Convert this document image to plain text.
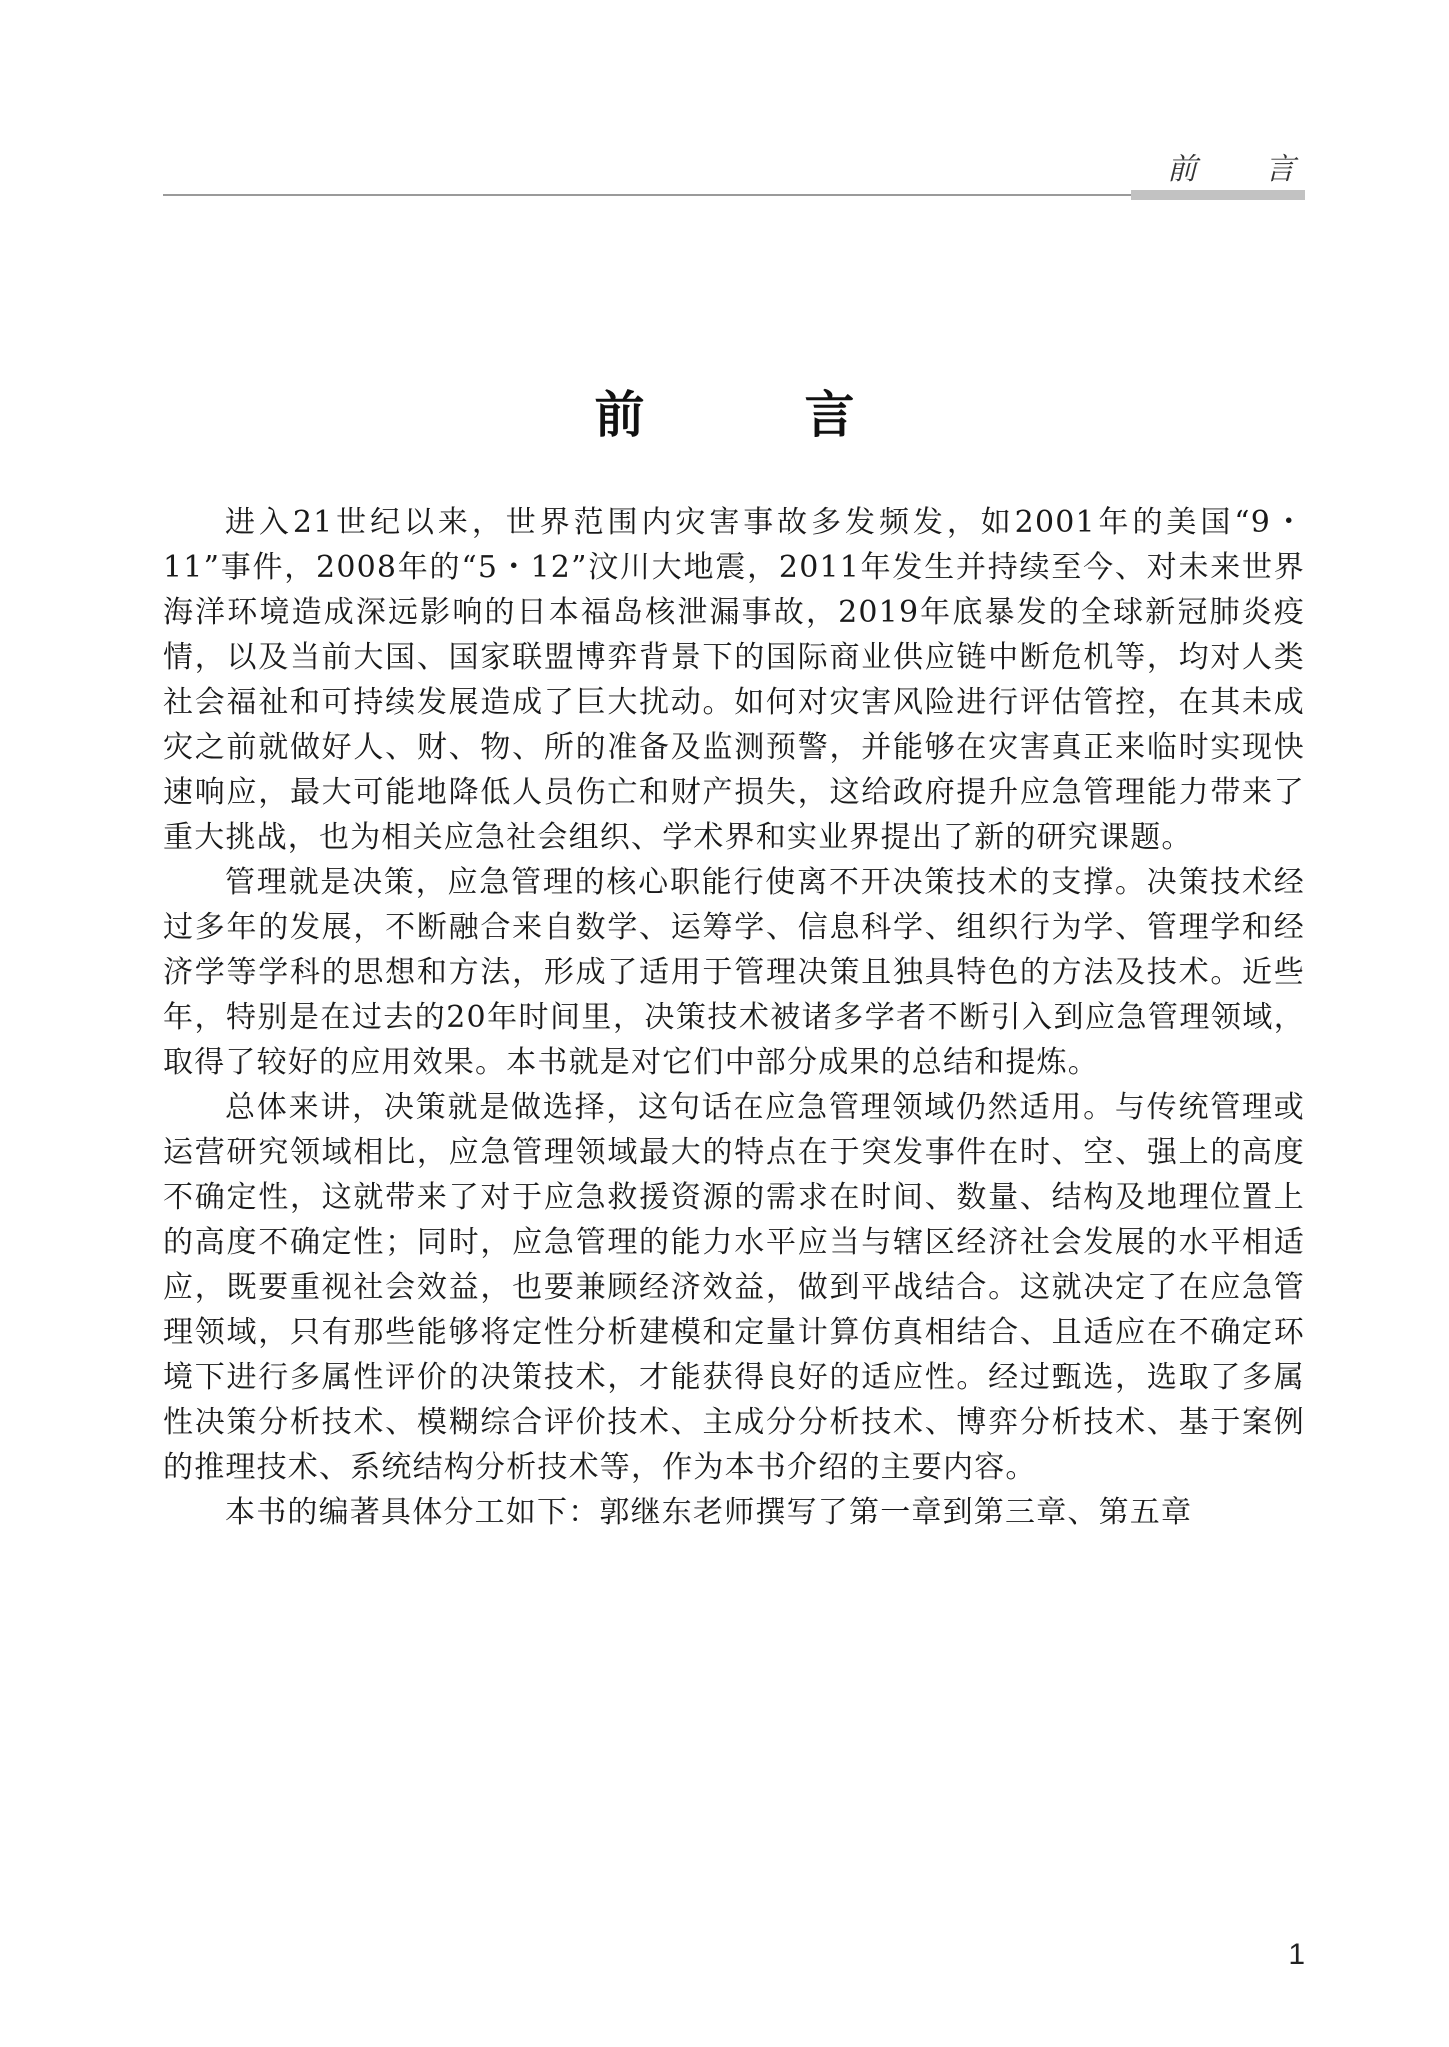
前言
前言

进入21世纪以来，世界范围内灾害事故多发频发，如2001年的美国“9・11”事件，2008年的“5・12”汶川大地震，2011年发生并持续至今、对未来世界海洋环境造成深远影响的日本福岛核泄漏事故，2019年底暴发的全球新冠肺炎疫情，以及当前大国、国家联盟博弈背景下的国际商业供应链中断危机等，均对人类社会福祉和可持续发展造成了巨大扰动。如何对灾害风险进行评估管控，在其未成灾之前就做好人、财、物、所的准备及监测预警，并能够在灾害真正来临时实现快速响应，最大可能地降低人员伤亡和财产损失，这给政府提升应急管理能力带来了重大挑战，也为相关应急社会组织、学术界和实业界提出了新的研究课题。

管理就是决策，应急管理的核心职能行使离不开决策技术的支撑。决策技术经过多年的发展，不断融合来自数学、运筹学、信息科学、组织行为学、管理学和经济学等学科的思想和方法，形成了适用于管理决策且独具特色的方法及技术。近些年，特别是在过去的20年时间里，决策技术被诸多学者不断引入到应急管理领域，取得了较好的应用效果。本书就是对它们中部分成果的总结和提炼。

总体来讲，决策就是做选择，这句话在应急管理领域仍然适用。与传统管理或运营研究领域相比，应急管理领域最大的特点在于突发事件在时、空、强上的高度不确定性，这就带来了对于应急救援资源的需求在时间、数量、结构及地理位置上的高度不确定性；同时，应急管理的能力水平应当与辖区经济社会发展的水平相适应，既要重视社会效益，也要兼顾经济效益，做到平战结合。这就决定了在应急管理领域，只有那些能够将定性分析建模和定量计算仿真相结合、且适应在不确定环境下进行多属性评价的决策技术，才能获得良好的适应性。经过甄选，选取了多属性决策分析技术、模糊综合评价技术、主成分分析技术、博弈分析技术、基于案例的推理技术、系统结构分析技术等，作为本书介绍的主要内容。

本书的编著具体分工如下：郭继东老师撰写了第一章到第三章、第五章

1
